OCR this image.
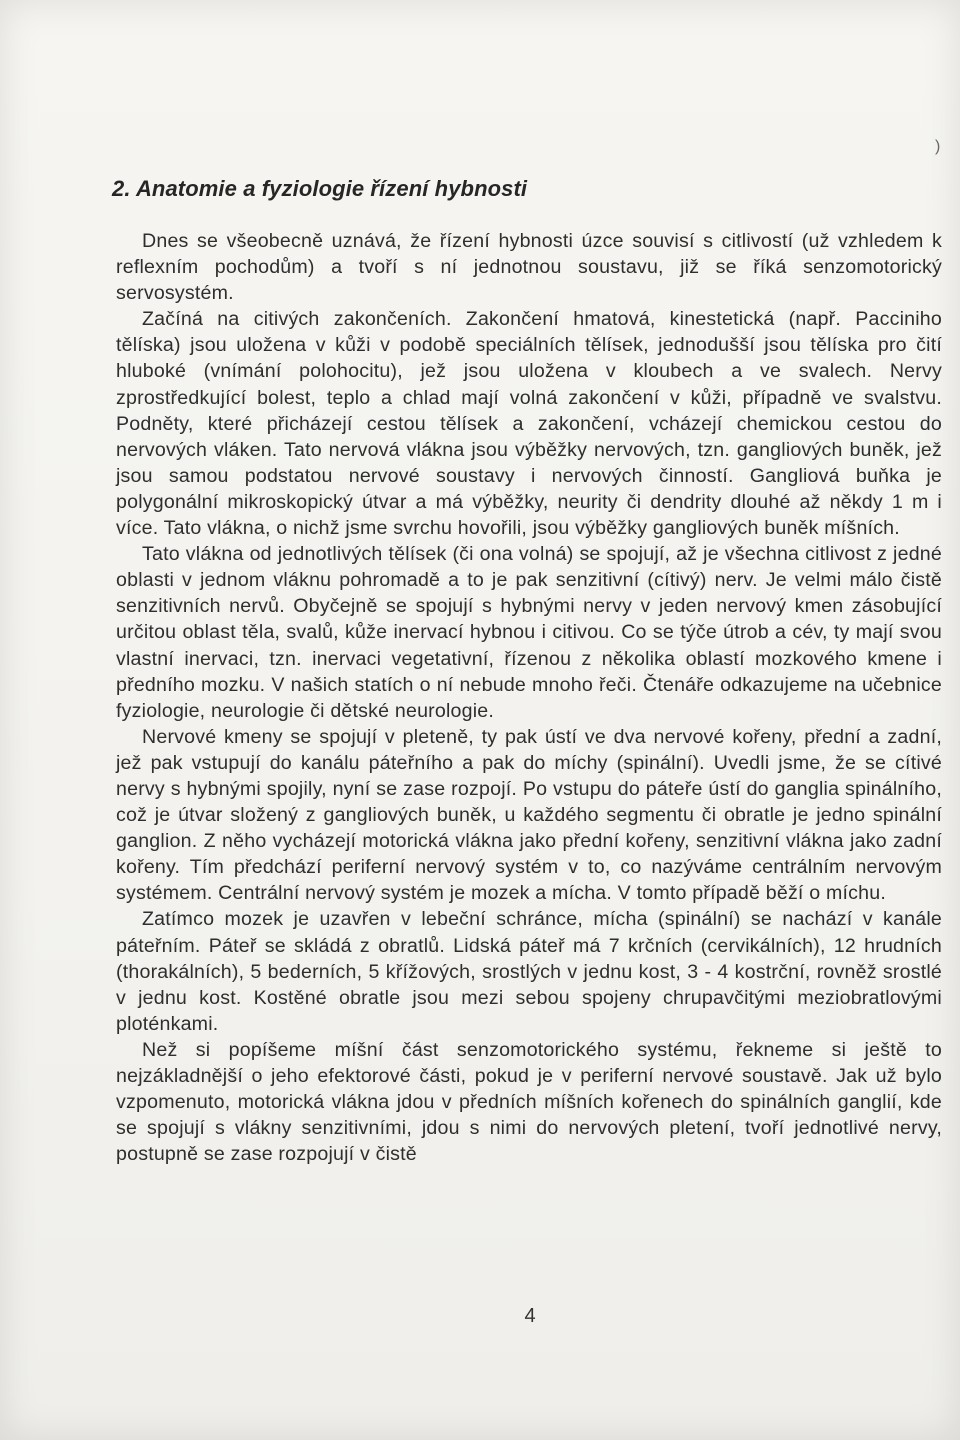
)
2. Anatomie a fyziologie řízení hybnosti

Dnes se všeobecně uznává, že řízení hybnosti úzce souvisí s citlivostí (už vzhledem k reflexním pochodům) a tvoří s ní jednotnou soustavu, již se říká senzomotorický servosystém.

Začíná na citivých zakončeních. Zakončení hmatová, kinestetická (např. Pacciniho tělíska) jsou uložena v kůži v podobě speciálních tělísek, jednodušší jsou tělíska pro čití hluboké (vnímání polohocitu), jež jsou uložena v kloubech a ve svalech. Nervy zprostředkující bolest, teplo a chlad mají volná zakončení v kůži, případně ve svalstvu. Podněty, které přicházejí cestou tělísek a zakončení, vcházejí chemickou cestou do nervových vláken. Tato nervová vlákna jsou výběžky nervových, tzn. gangliových buněk, jež jsou samou podstatou nervové soustavy i nervových činností. Gangliová buňka je polygonální mikroskopický útvar a má výběžky, neurity či dendrity dlouhé až někdy 1 m i více. Tato vlákna, o nichž jsme svrchu hovořili, jsou výběžky gangliových buněk míšních.

Tato vlákna od jednotlivých tělísek (či ona volná) se spojují, až je všechna citlivost z jedné oblasti v jednom vláknu pohromadě a to je pak senzitivní (cítivý) nerv. Je velmi málo čistě senzitivních nervů. Obyčejně se spojují s hybnými nervy v jeden nervový kmen zásobující určitou oblast těla, svalů, kůže inervací hybnou i citivou. Co se týče útrob a cév, ty mají svou vlastní inervaci, tzn. inervaci vegetativní, řízenou z několika oblastí mozkového kmene i předního mozku. V našich statích o ní nebude mnoho řeči. Čtenáře odkazujeme na učebnice fyziologie, neurologie či dětské neurologie.

Nervové kmeny se spojují v pleteně, ty pak ústí ve dva nervové kořeny, přední a zadní, jež pak vstupují do kanálu páteřního a pak do míchy (spinální). Uvedli jsme, že se cítivé nervy s hybnými spojily, nyní se zase rozpojí. Po vstupu do páteře ústí do ganglia spinálního, což je útvar složený z gangliových buněk, u každého segmentu či obratle je jedno spinální ganglion. Z něho vycházejí motorická vlákna jako přední kořeny, senzitivní vlákna jako zadní kořeny. Tím předchází periferní nervový systém v to, co nazýváme centrálním nervovým systémem. Centrální nervový systém je mozek a mícha. V tomto případě běží o míchu.

Zatímco mozek je uzavřen v lebeční schránce, mícha (spinální) se nachází v kanále páteřním. Páteř se skládá z obratlů. Lidská páteř má 7 krčních (cervikálních), 12 hrudních (thorakálních), 5 bederních, 5 křížových, srostlých v jednu kost, 3 - 4 kostrční, rovněž srostlé v jednu kost. Kostěné obratle jsou mezi sebou spojeny chrupavčitými meziobratlovými ploténkami.

Než si popíšeme míšní část senzomotorického systému, řekneme si ještě to nejzákladnější o jeho efektorové části, pokud je v periferní nervové soustavě. Jak už bylo vzpomenuto, motorická vlákna jdou v předních míšních kořenech do spinálních ganglií, kde se spojují s vlákny senzitivními, jdou s nimi do nervových pletení, tvoří jednotlivé nervy, postupně se zase rozpojují v čistě

4
